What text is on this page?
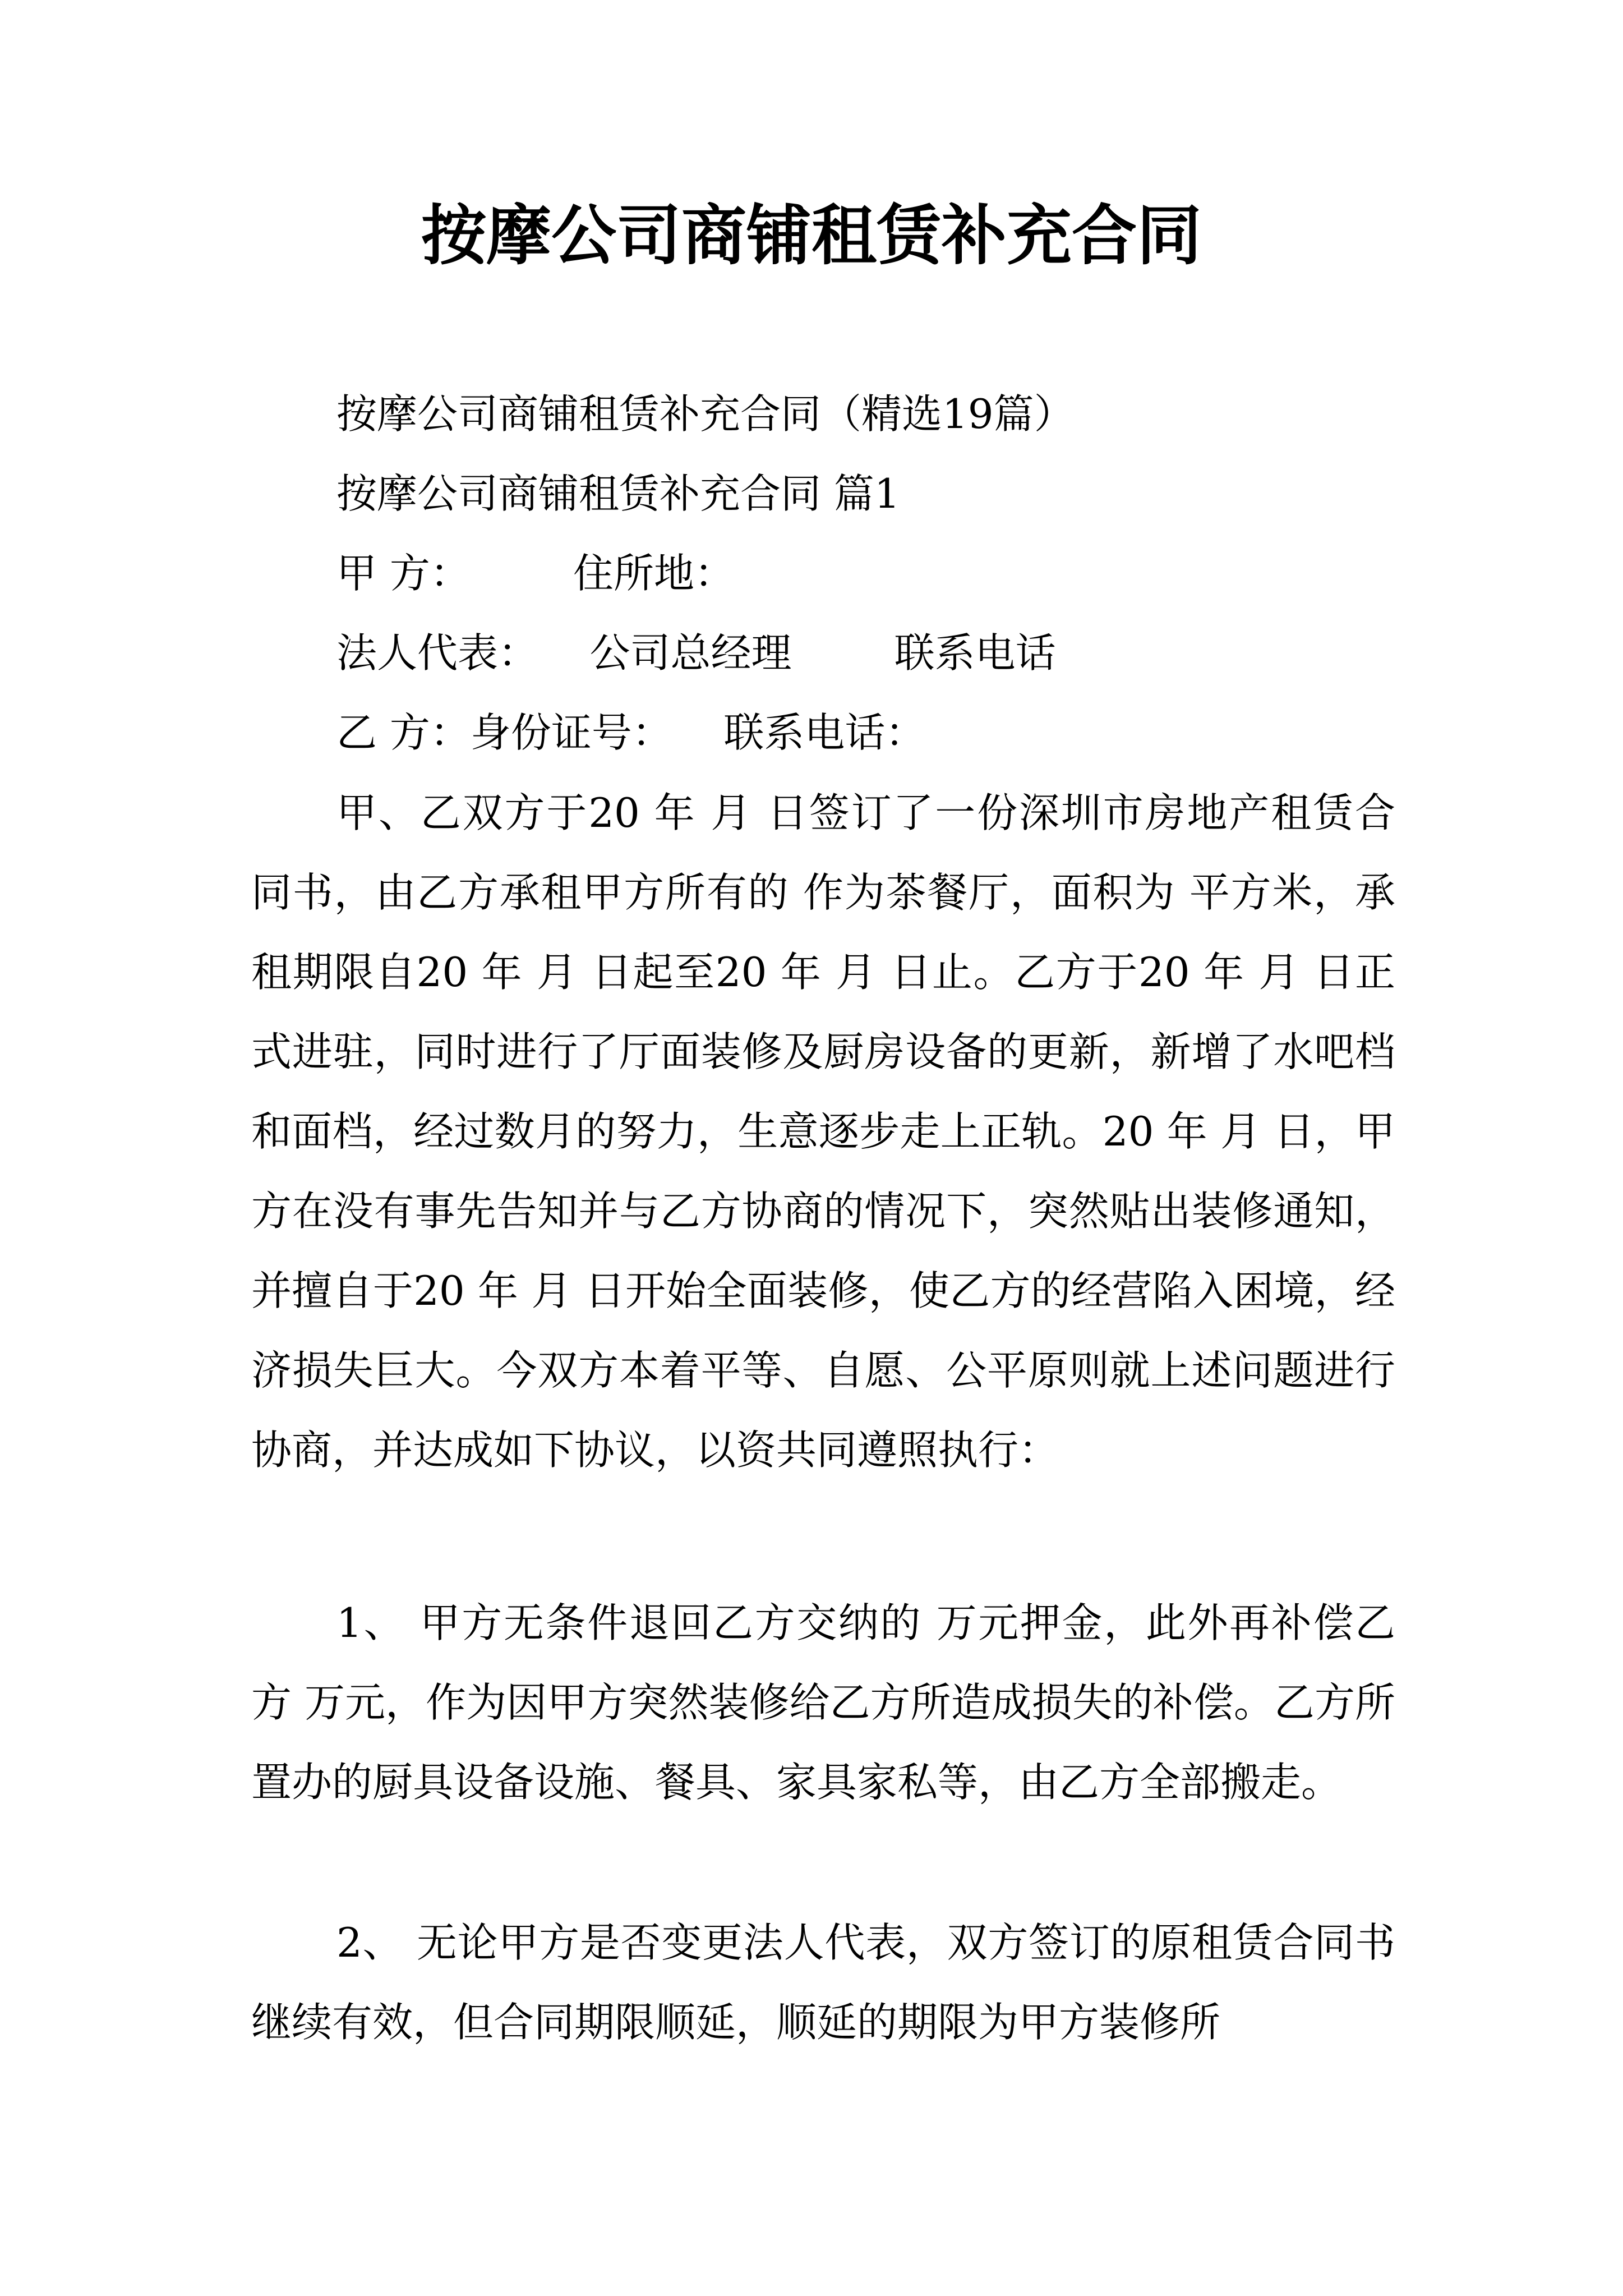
按摩公司商铺租赁补充合同

按摩公司商铺租赁补充合同（精选19篇）

按摩公司商铺租赁补充合同 篇1

甲 方：        住所地：

法人代表：    公司总经理        联系电话

乙 方：身份证号：    联系电话：

甲、乙双方于20 年 月 日签订了一份深圳市房地产租赁合同书，由乙方承租甲方所有的 作为茶餐厅，面积为 平方米，承租期限自20 年 月 日起至20 年 月 日止。乙方于20 年 月 日正式进驻，同时进行了厅面装修及厨房设备的更新，新增了水吧档和面档，经过数月的努力，生意逐步走上正轨。20 年 月 日，甲方在没有事先告知并与乙方协商的情况下，突然贴出装修通知，并擅自于20 年 月 日开始全面装修，使乙方的经营陷入困境，经济损失巨大。今双方本着平等、自愿、公平原则就上述问题进行协商，并达成如下协议，以资共同遵照执行：

1、 甲方无条件退回乙方交纳的 万元押金，此外再补偿乙方 万元，作为因甲方突然装修给乙方所造成损失的补偿。乙方所置办的厨具设备设施、餐具、家具家私等，由乙方全部搬走。

2、 无论甲方是否变更法人代表，双方签订的原租赁合同书继续有效，但合同期限顺延，顺延的期限为甲方装修所
